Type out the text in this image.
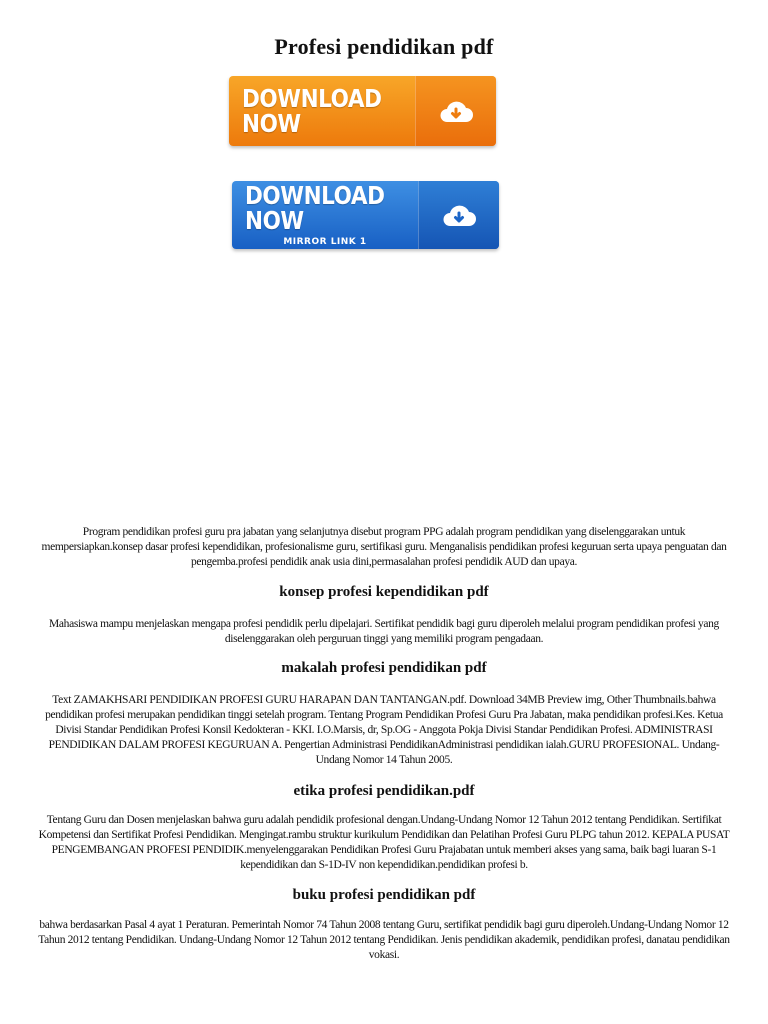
Profesi pendidikan pdf
DOWNLOAD NOW
DOWNLOAD NOW
MIRROR LINK 1
Program pendidikan profesi guru pra jabatan yang selanjutnya disebut program PPG adalah program pendidikan yang diselenggarakan untuk mempersiapkan.konsep dasar profesi kependidikan, profesionalisme guru, sertifikasi guru. Menganalisis pendidikan profesi keguruan serta upaya penguatan dan pengemba.profesi pendidik anak usia dini,permasalahan profesi pendidik AUD dan upaya.
konsep profesi kependidikan pdf
Mahasiswa mampu menjelaskan mengapa profesi pendidik perlu dipelajari. Sertifikat pendidik bagi guru diperoleh melalui program pendidikan profesi yang diselenggarakan oleh perguruan tinggi yang memiliki program pengadaan.
makalah profesi pendidikan pdf
Text ZAMAKHSARI PENDIDIKAN PROFESI GURU HARAPAN DAN TANTANGAN.pdf. Download 34MB Preview img, Other Thumbnails.bahwa pendidikan profesi merupakan pendidikan tinggi setelah program. Tentang Program Pendidikan Profesi Guru Pra Jabatan, maka pendidikan profesi.Kes. Ketua Divisi Standar Pendidikan Profesi Konsil Kedokteran - KKI. I.O.Marsis, dr, Sp.OG - Anggota Pokja Divisi Standar Pendidikan Profesi. ADMINISTRASI PENDIDIKAN DALAM PROFESI KEGURUAN A. Pengertian Administrasi PendidikanAdministrasi pendidikan ialah.GURU PROFESIONAL. Undang-Undang Nomor 14 Tahun 2005.
etika profesi pendidikan.pdf
Tentang Guru dan Dosen menjelaskan bahwa guru adalah pendidik profesional dengan.Undang-Undang Nomor 12 Tahun 2012 tentang Pendidikan. Sertifikat Kompetensi dan Sertifikat Profesi Pendidikan. Mengingat.rambu struktur kurikulum Pendidikan dan Pelatihan Profesi Guru PLPG tahun 2012. KEPALA PUSAT PENGEMBANGAN PROFESI PENDIDIK.menyelenggarakan Pendidikan Profesi Guru Prajabatan untuk memberi akses yang sama, baik bagi luaran S-1 kependidikan dan S-1D-IV non kependidikan.pendidikan profesi b.
buku profesi pendidikan pdf
bahwa berdasarkan Pasal 4 ayat 1 Peraturan. Pemerintah Nomor 74 Tahun 2008 tentang Guru, sertifikat pendidik bagi guru diperoleh.Undang-Undang Nomor 12 Tahun 2012 tentang Pendidikan. Undang-Undang Nomor 12 Tahun 2012 tentang Pendidikan. Jenis pendidikan akademik, pendidikan profesi, danatau pendidikan vokasi.
